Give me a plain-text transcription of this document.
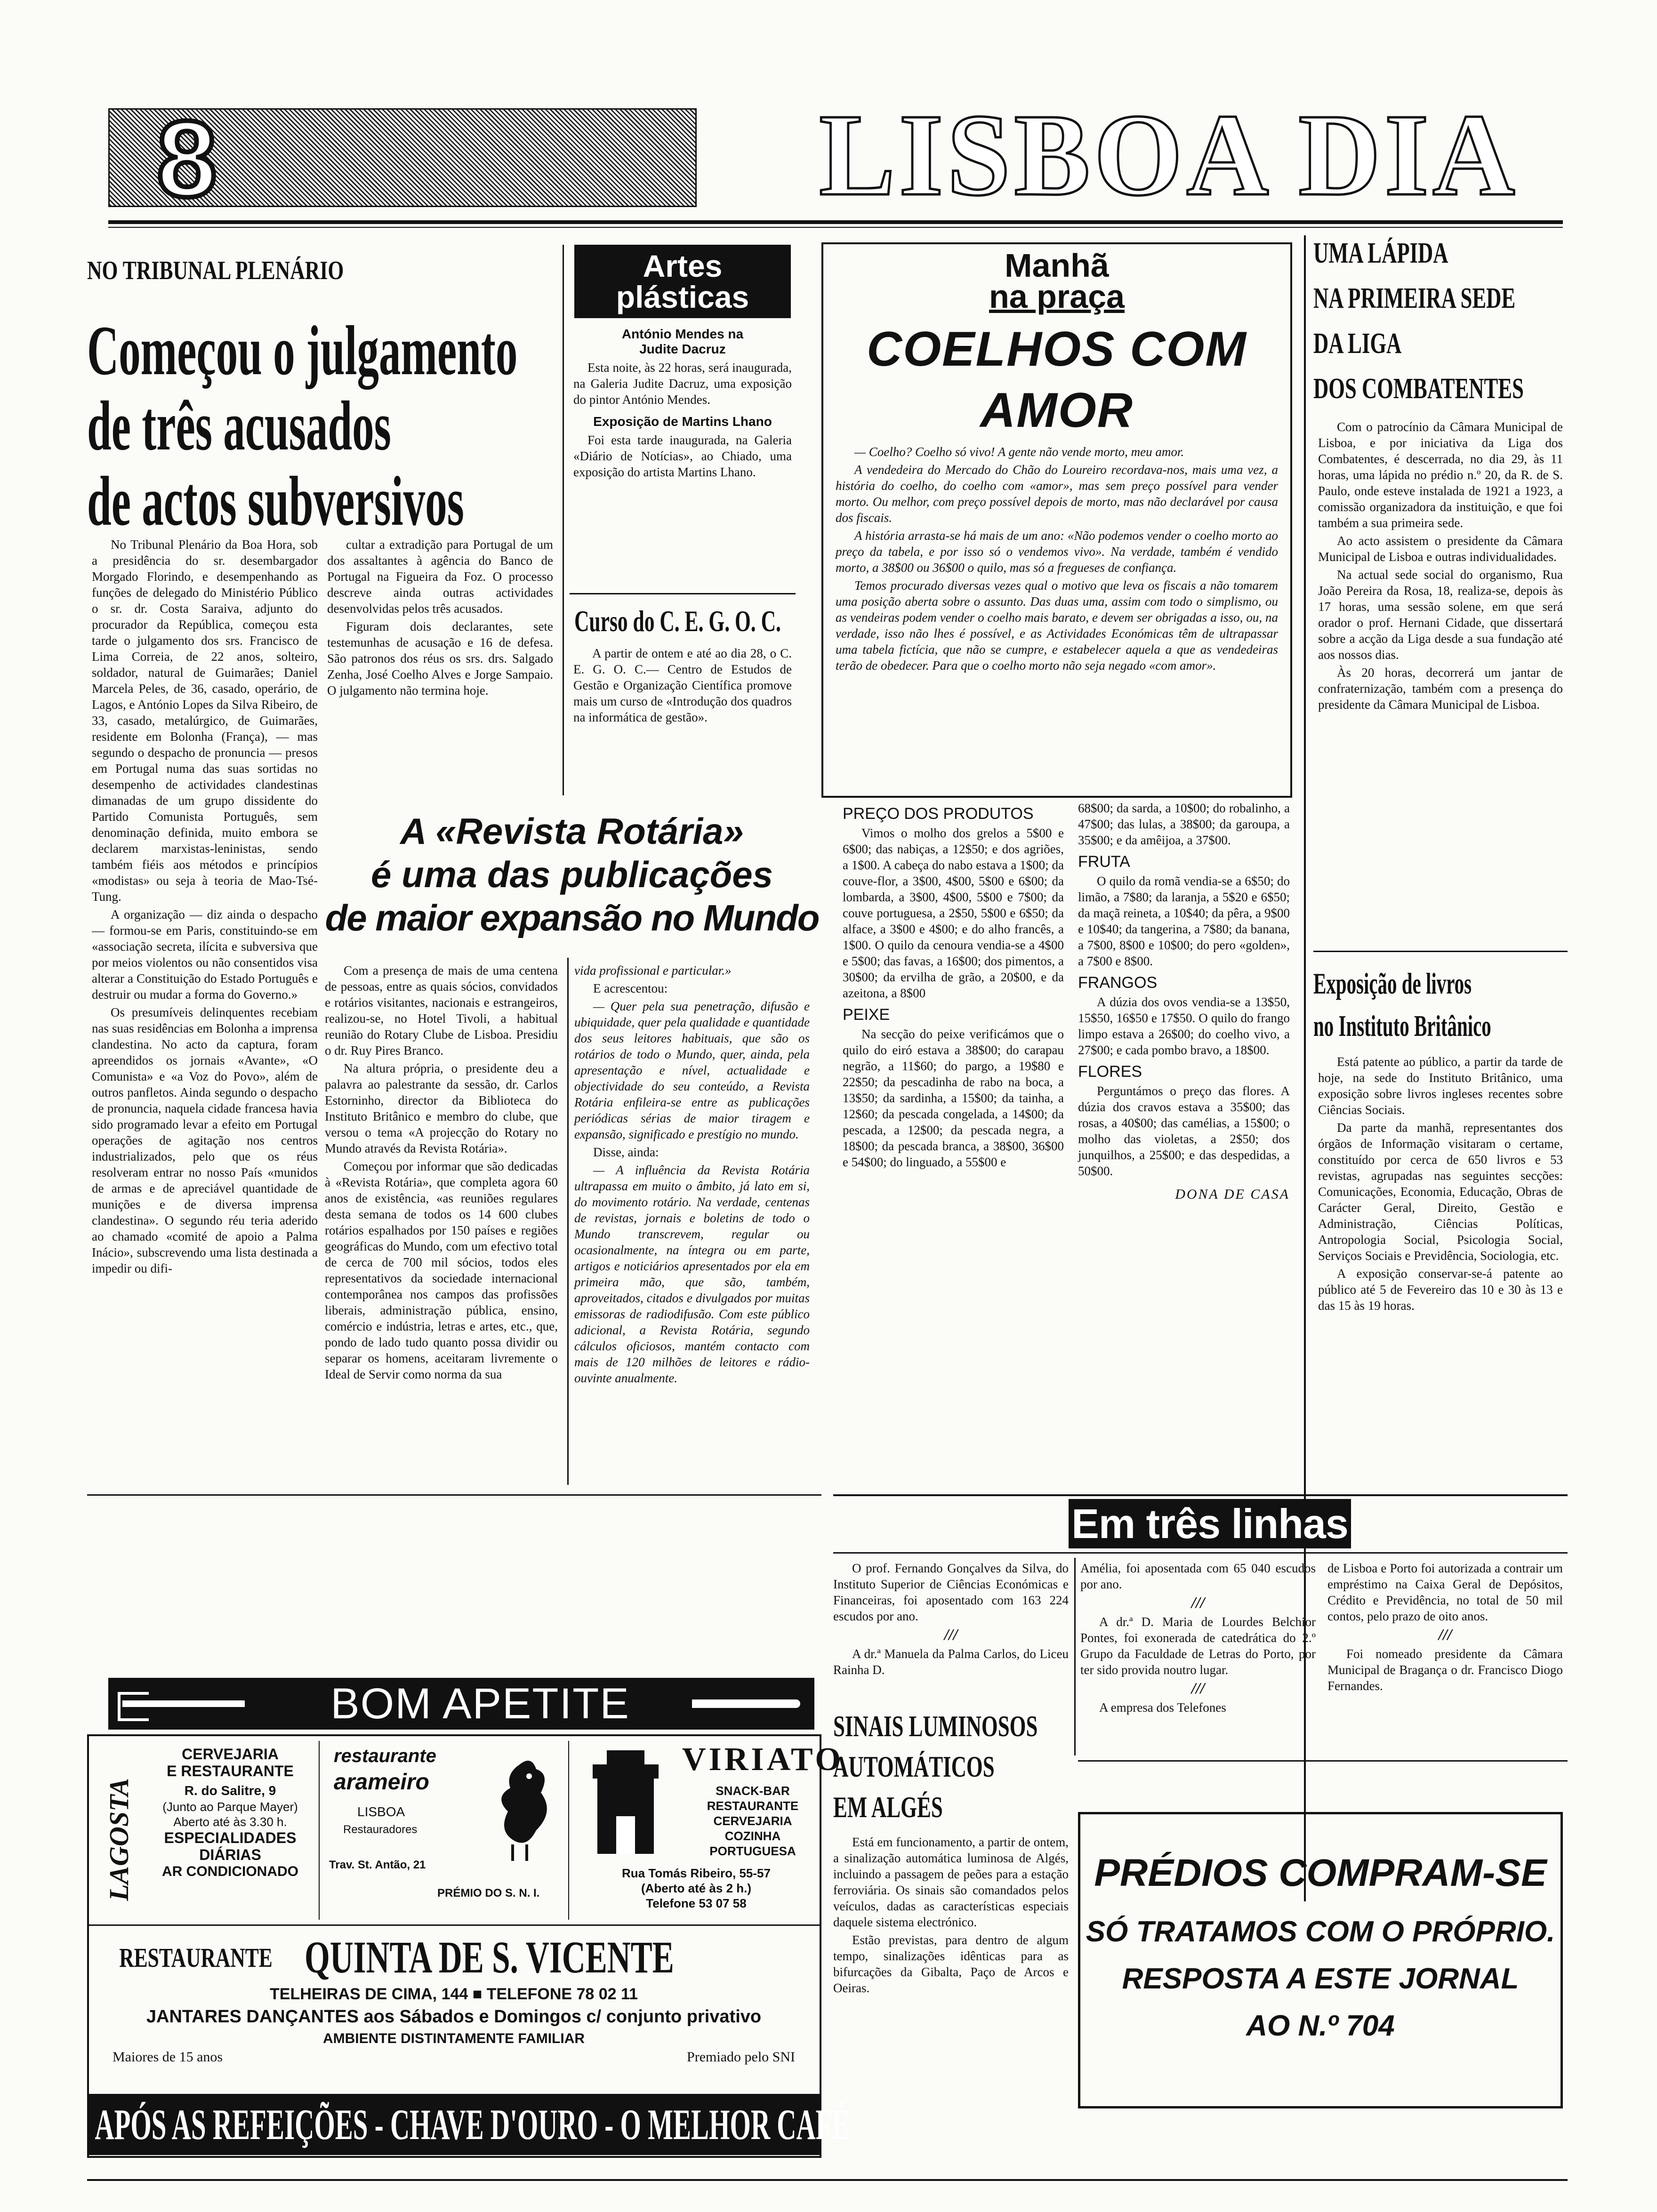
8	LISBOA DIA
NO TRIBUNAL PLENÁRIO
Começou o julgamento
de três acusados
de actos subversivos

No Tribunal Plenário da Boa Hora, sob a presidência do sr. desembargador Morgado Florindo, e desempenhando as funções de delegado do Ministério Público o sr. dr. Costa Saraiva, adjunto do procurador da República, começou esta tarde o julgamento dos srs. Francisco de Lima Correia, de 22 anos, solteiro, soldador, natural de Guimarães; Daniel Marcela Peles, de 36, casado, operário, de Lagos, e António Lopes da Silva Ribeiro, de 33, casado, metalúrgico, de Guimarães, residente em Bolonha (França), — mas segundo o despacho de pronuncia — presos em Portugal numa das suas sortidas no desempenho de actividades clandestinas dimanadas de um grupo dissidente do Partido Comunista Português, sem denominação definida, muito embora se declarem marxistas-leninistas, sendo também fiéis aos métodos e princípios «modistas» ou seja à teoria de Mao-Tsé-Tung.

A organização — diz ainda o despacho — formou-se em Paris, constituindo-se em «associação secreta, ilícita e subversiva que por meios violentos ou não consentidos visa alterar a Constituição do Estado Português e destruir ou mudar a forma do Governo.»

Os presumíveis delinquentes recebiam nas suas residências em Bolonha a imprensa clandestina. No acto da captura, foram apreendidos os jornais «Avante», «O Comunista» e «a Voz do Povo», além de outros panfletos. Ainda segundo o despacho de pronuncia, naquela cidade francesa havia sido programado levar a efeito em Portugal operações de agitação nos centros industrializados, pelo que os réus resolveram entrar no nosso País «munidos de armas e de apreciável quantidade de munições e de diversa imprensa clandestina». O segundo réu teria aderido ao chamado «comité de apoio a Palma Inácio», subscrevendo uma lista destinada a impedir ou difi-

cultar a extradição para Portugal de um dos assaltantes à agência do Banco de Portugal na Figueira da Foz. O processo descreve ainda outras actividades desenvolvidas pelos três acusados.

Figuram dois declarantes, sete testemunhas de acusação e 16 de defesa. São patronos dos réus os srs. drs. Salgado Zenha, José Coelho Alves e Jorge Sampaio. O julgamento não termina hoje.

Artes
plásticas
António Mendes na Judite Dacruz
Esta noite, às 22 horas, será inaugurada, na Galeria Judite Dacruz, uma exposição do pintor António Mendes.
Exposição de Martins Lhano
Foi esta tarde inaugurada, na Galeria «Diário de Notícias», ao Chiado, uma exposição do artista Martins Lhano.
Curso do C. E. G. O. C.
A partir de ontem e até ao dia 28, o C. E. G. O. C.— Centro de Estudos de Gestão e Organização Científica promove mais um curso de «Introdução dos quadros na informática de gestão».
Manhã
na praça
COELHOS COM AMOR

— Coelho? Coelho só vivo! A gente não vende morto, meu amor.

A vendedeira do Mercado do Chão do Loureiro recordava-nos, mais uma vez, a história do coelho, do coelho com «amor», mas sem preço possível para vender morto. Ou melhor, com preço possível depois de morto, mas não declarável por causa dos fiscais.

A história arrasta-se há mais de um ano: «Não podemos vender o coelho morto ao preço da tabela, e por isso só o vendemos vivo». Na verdade, também é vendido morto, a 38$00 ou 36$00 o quilo, mas só a fregueses de confiança.

Temos procurado diversas vezes qual o motivo que leva os fiscais a não tomarem uma posição aberta sobre o assunto. Das duas uma, assim com todo o simplismo, ou as vendeiras podem vender o coelho mais barato, e devem ser obrigadas a isso, ou, na verdade, isso não lhes é possível, e as Actividades Económicas têm de ultrapassar uma tabela fictícia, que não se cumpre, e estabelecer aquela a que as vendedeiras terão de obedecer. Para que o coelho morto não seja negado «com amor».

PREÇO DOS PRODUTOS
Vimos o molho dos grelos a 5$00 e 6$00; das nabiças, a 12$50; e dos agriões, a 1$00. A cabeça do nabo estava a 1$00; da couve-flor, a 3$00, 4$00, 5$00 e 6$00; da lombarda, a 3$00, 4$00, 5$00 e 7$00; da couve portuguesa, a 2$50, 5$00 e 6$50; da alface, a 3$00 e 4$00; e do alho francês, a 1$00. O quilo da cenoura vendia-se a 4$00 e 5$00; das favas, a 16$00; dos pimentos, a 30$00; da ervilha de grão, a 20$00, e da azeitona, a 8$00
PEIXE
Na secção do peixe verificámos que o quilo do eiró estava a 38$00; do carapau negrão, a 11$60; do pargo, a 19$80 e 22$50; da pescadinha de rabo na boca, a 13$50; da sardinha, a 15$00; da tainha, a 12$60; da pescada congelada, a 14$00; da pescada, a 12$00; da pescada negra, a 18$00; da pescada branca, a 38$00, 36$00 e 54$00; do linguado, a 55$00 e
68$00; da sarda, a 10$00; do robalinho, a 47$00; das lulas, a 38$00; da garoupa, a 35$00; e da amêijoa, a 37$00.
FRUTA
O quilo da romã vendia-se a 6$50; do limão, a 7$80; da laranja, a 5$20 e 6$50; da maçã reineta, a 10$40; da pêra, a 9$00 e 10$40; da tangerina, a 7$80; da banana, a 7$00, 8$00 e 10$00; do pero «golden», a 7$00 e 8$00.
FRANGOS
A dúzia dos ovos vendia-se a 13$50, 15$50, 16$50 e 17$50. O quilo do frango limpo estava a 26$00; do coelho vivo, a 27$00; e cada pombo bravo, a 18$00.
FLORES
Perguntámos o preço das flores. A dúzia dos cravos estava a 35$00; das rosas, a 40$00; das camélias, a 15$00; o molho das violetas, a 2$50; dos junquilhos, a 25$00; e das despedidas, a 50$00.
DONA DE CASA
A «Revista Rotária»
é uma das publicações
de maior expansão no Mundo

Com a presença de mais de uma centena de pessoas, entre as quais sócios, convidados e rotários visitantes, nacionais e estrangeiros, realizou-se, no Hotel Tivoli, a habitual reunião do Rotary Clube de Lisboa. Presidiu o dr. Ruy Pires Branco.

Na altura própria, o presidente deu a palavra ao palestrante da sessão, dr. Carlos Estorninho, director da Biblioteca do Instituto Britânico e membro do clube, que versou o tema «A projecção do Rotary no Mundo através da Revista Rotária».

Começou por informar que são dedicadas à «Revista Rotária», que completa agora 60 anos de existência, «as reuniões regulares desta semana de todos os 14 600 clubes rotários espalhados por 150 países e regiões geográficas do Mundo, com um efectivo total de cerca de 700 mil sócios, todos eles representativos da sociedade internacional contemporânea nos campos das profissões liberais, administração pública, ensino, comércio e indústria, letras e artes, etc., que, pondo de lado tudo quanto possa dividir ou separar os homens, aceitaram livremente o Ideal de Servir como norma da sua

vida profissional e particular.»

E acrescentou:

— Quer pela sua penetração, difusão e ubiquidade, quer pela qualidade e quantidade dos seus leitores habituais, que são os rotários de todo o Mundo, quer, ainda, pela apresentação e nível, actualidade e objectividade do seu conteúdo, a Revista Rotária enfileira-se entre as publicações periódicas sérias de maior tiragem e expansão, significado e prestígio no mundo.

Disse, ainda:

— A influência da Revista Rotária ultrapassa em muito o âmbito, já lato em si, do movimento rotário. Na verdade, centenas de revistas, jornais e boletins de todo o Mundo transcrevem, regular ou ocasionalmente, na íntegra ou em parte, artigos e noticiários apresentados por ela em primeira mão, que são, também, aproveitados, citados e divulgados por muitas emissoras de radiodifusão. Com este público adicional, a Revista Rotária, segundo cálculos oficiosos, mantém contacto com mais de 120 milhões de leitores e rádio-ouvinte anualmente.

UMA LÁPIDA
NA PRIMEIRA SEDE
DA LIGA
DOS COMBATENTES

Com o patrocínio da Câmara Municipal de Lisboa, e por iniciativa da Liga dos Combatentes, é descerrada, no dia 29, às 11 horas, uma lápida no prédio n.º 20, da R. de S. Paulo, onde esteve instalada de 1921 a 1923, a comissão organizadora da instituição, e que foi também a sua primeira sede.

Ao acto assistem o presidente da Câmara Municipal de Lisboa e outras individualidades.

Na actual sede social do organismo, Rua João Pereira da Rosa, 18, realiza-se, depois às 17 horas, uma sessão solene, em que será orador o prof. Hernani Cidade, que dissertará sobre a acção da Liga desde a sua fundação até aos nossos dias.

Às 20 horas, decorrerá um jantar de confraternização, também com a presença do presidente da Câmara Municipal de Lisboa.

Exposição de livros
no Instituto Britânico

Está patente ao público, a partir da tarde de hoje, na sede do Instituto Britânico, uma exposição sobre livros ingleses recentes sobre Ciências Sociais.

Da parte da manhã, representantes dos órgãos de Informação visitaram o certame, constituído por cerca de 650 livros e 53 revistas, agrupadas nas seguintes secções: Comunicações, Economia, Educação, Obras de Carácter Geral, Direito, Gestão e Administração, Ciências Políticas, Antropologia Social, Psicologia Social, Serviços Sociais e Previdência, Sociologia, etc.

A exposição conservar-se-á patente ao público até 5 de Fevereiro das 10 e 30 às 13 e das 15 às 19 horas.

Em três linhas

O prof. Fernando Gonçalves da Silva, do Instituto Superior de Ciências Económicas e Financeiras, foi aposentado com 163 224 escudos por ano.

///

A dr.ª Manuela da Palma Carlos, do Liceu Rainha D.

Amélia, foi aposentada com 65 040 escudos por ano.

///

A dr.ª D. Maria de Lourdes Belchior Pontes, foi exonerada de catedrática do 2.º Grupo da Faculdade de Letras do Porto, por ter sido provida noutro lugar.

///

A empresa dos Telefones

de Lisboa e Porto foi autorizada a contrair um empréstimo na Caixa Geral de Depósitos, Crédito e Previdência, no total de 50 mil contos, pelo prazo de oito anos.

///

Foi nomeado presidente da Câmara Municipal de Bragança o dr. Francisco Diogo Fernandes.

SINAIS LUMINOSOS
AUTOMÁTICOS
EM ALGÉS

Está em funcionamento, a partir de ontem, a sinalização automática luminosa de Algés, incluindo a passagem de peões para a estação ferroviária. Os sinais são comandados pelos veículos, dadas as características especiais daquele sistema electrónico.

Estão previstas, para dentro de algum tempo, sinalizações idênticas para as bifurcações da Gibalta, Paço de Arcos e Oeiras.

PRÉDIOS COMPRAM-SE
SÓ TRATAMOS COM O PRÓPRIO.
RESPOSTA A ESTE JORNAL
AO N.º 704
BOM APETITE
LAGOSTA
CERVEJARIA
E RESTAURANTE
R. do Salitre, 9
(Junto ao Parque Mayer)
Aberto até às 3.30 h.
ESPECIALIDADES DIÁRIAS
AR CONDICIONADO
restaurante
arameiro
LISBOA
Restauradores
Trav. St. Antão, 21
PRÉMIO DO S. N. I.
VIRIATO
SNACK-BAR
RESTAURANTE
CERVEJARIA
COZINHA
PORTUGUESA
Rua Tomás Ribeiro, 55-57
(Aberto até às 2 h.)
Telefone 53 07 58
RESTAURANTE QUINTA DE S. VICENTE
TELHEIRAS DE CIMA, 144 ■ TELEFONE 78 02 11
JANTARES DANÇANTES aos Sábados e Domingos c/ conjunto privativo
AMBIENTE DISTINTAMENTE FAMILIAR
Maiores de 15 anos	Premiado pelo SNI
APÓS AS REFEIÇÕES - CHAVE D'OURO - O MELHOR CAFÉ
